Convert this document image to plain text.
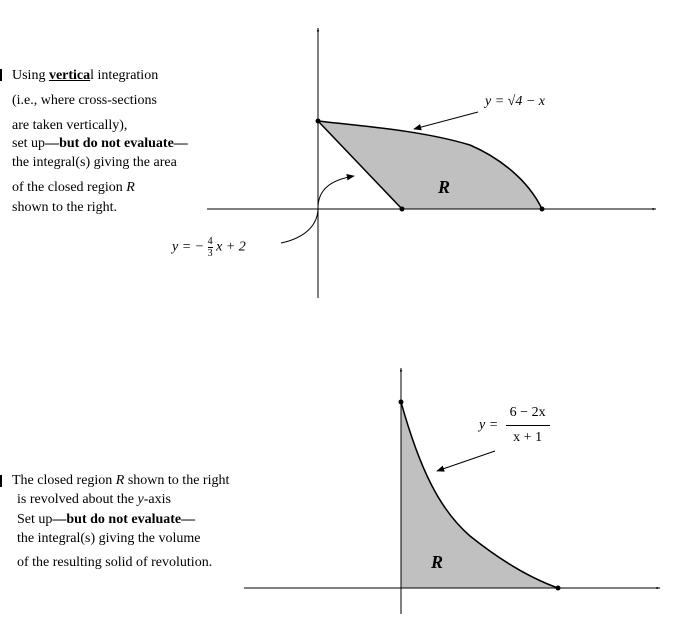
Using vertical integration
(i.e., where cross-sections
are taken vertically),
set up—but do not evaluate—
the integral(s) giving the area
of the closed region R
shown to the right.
The closed region R shown to the right
is revolved about the y-axis
Set up—but do not evaluate—
the integral(s) giving the volume
of the resulting solid of revolution.
y = √4 − x
y = − $\frac{4}{3}$ x + 2
R
$y = \frac{6 - 2x}{x + 1}$
R
